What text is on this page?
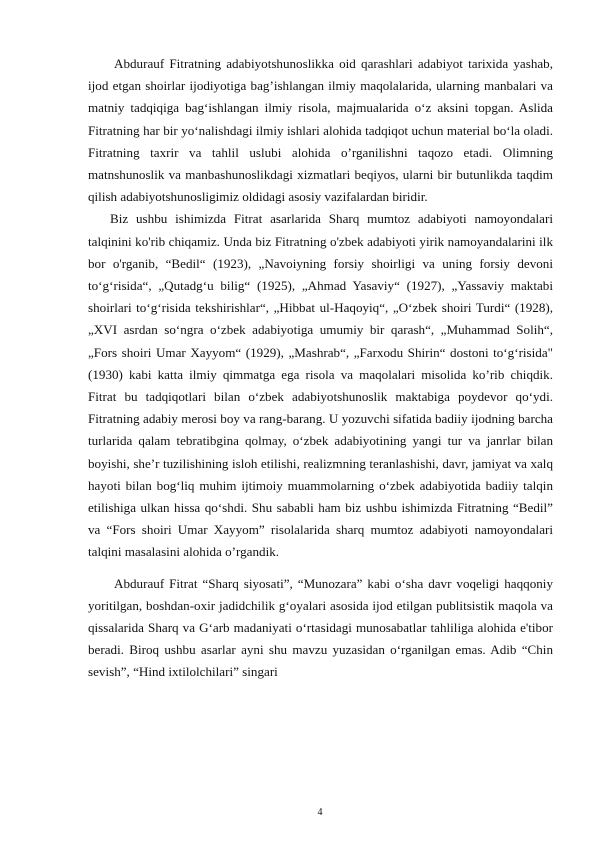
Abdurauf Fitratning adabiyotshunoslikka oid qarashlari adabiyot tarixida yashab, ijod etgan shoirlar ijodiyotiga bag’ishlangan ilmiy maqolalarida, ularning manbalari va matniy tadqiqiga bag‘ishlangan ilmiy risola, majmualarida o‘z aksini topgan. Aslida Fitratning har bir yo‘nalishdagi ilmiy ishlari alohida tadqiqot uchun material bo‘la oladi. Fitratning taxrir va tahlil uslubi alohida o’rganilishni taqozo etadi. Olimning matnshunoslik va manbashunoslikdagi xizmatlari beqiyos, ularni bir butunlikda taqdim qilish adabiyotshunosligimiz oldidagi asosiy vazifalardan biridir.

Biz ushbu ishimizda Fitrat asarlarida Sharq mumtoz adabiyoti namoyondalari talqinini ko'rib chiqamiz. Unda biz Fitratning o'zbek adabiyoti yirik namoyandalarini ilk bor o'rganib, “Bedil“ (1923), „Navoiyning forsiy shoirligi va uning forsiy devoni to‘g‘risida“, „Qutadg‘u bilig“ (1925), „Ahmad Yasaviy“ (1927), „Yassaviy maktabi shoirlari to‘g‘risida tekshirishlar“, „Hibbat ul-Haqoyiq“, „O‘zbek shoiri Turdi“ (1928), „XVI asrdan so‘ngra o‘zbek adabiyotiga umumiy bir qarash“, „Muhammad Solih“, „Fors shoiri Umar Xayyom“ (1929), „Mashrab“, „Farxodu Shirin“ dostoni to‘g‘risida" (1930) kabi katta ilmiy qimmatga ega risola va maqolalari misolida ko’rib chiqdik. Fitrat bu tadqiqotlari bilan o‘zbek adabiyotshunoslik maktabiga poydevor qo‘ydi. Fitratning adabiy merosi boy va rang-barang. U yozuvchi sifatida badiiy ijodning barcha turlarida qalam tebratibgina qolmay, o‘zbek adabiyotining yangi tur va janrlar bilan boyishi, she’r tuzilishining isloh etilishi, realizmning teranlashishi, davr, jamiyat va xalq hayoti bilan bog‘liq muhim ijtimoiy muammolarning o‘zbek adabiyotida badiiy talqin etilishiga ulkan hissa qo‘shdi. Shu sababli ham biz ushbu ishimizda Fitratning “Bedil” va “Fors shoiri Umar Xayyom” risolalarida sharq mumtoz adabiyoti namoyondalari talqini masalasini alohida o’rgandik.

Abdurauf Fitrat “Sharq siyosati”, “Munozara” kabi o‘sha davr voqeligi haqqoniy yoritilgan, boshdan-oxir jadidchilik g‘oyalari asosida ijod etilgan publitsistik maqola va qissalarida Sharq va G‘arb madaniyati o‘rtasidagi munosabatlar tahliliga alohida e'tibor beradi. Biroq ushbu asarlar ayni shu mavzu yuzasidan o‘rganilgan emas. Adib “Chin sevish”, “Hind ixtilolchilari” singari

4
